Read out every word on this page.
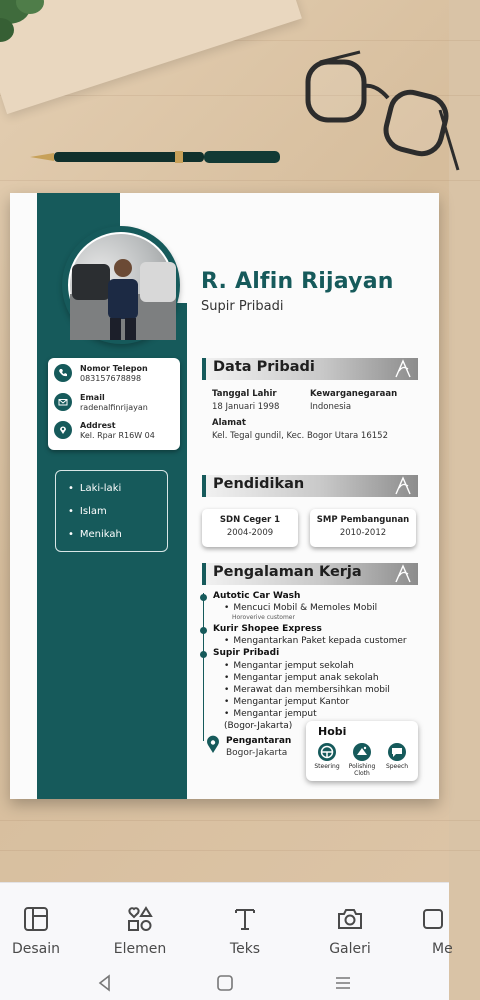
R. Alfin Rijayan
Supir Pribadi
Nomor Telepon
083157678898
Email
radenalfinrijayan
Addrest
Kel. Rpar R16W 04
• Laki-laki
• Islam
• Menikah
Data Pribadi
Tanggal Lahir
18 Januari 1998
Kewarganegaraan
Indonesia
Alamat
Kel. Tegal gundil, Kec. Bogor Utara 16152
Pendidikan
SDN Ceger 1
2004-2009
SMP Pembangunan
2010-2012
Pengalaman Kerja
Autotic Car Wash
• Mencuci Mobil & Memoles Mobil
Horoverive customer
Kurir Shopee Express
• Mengantarkan Paket kepada customer
Supir Pribadi
• Mengantar jemput sekolah
• Mengantar jemput anak sekolah
• Merawat dan membersihkan mobil
• Mengantar jemput Kantor
• Mengantar jemput
(Bogor-Jakarta)
Pengantaran
Bogor-Jakarta
Hobi
Steering	Polishing Cloth
Speech
Desain	Elemen	Teks	Galeri	Me
